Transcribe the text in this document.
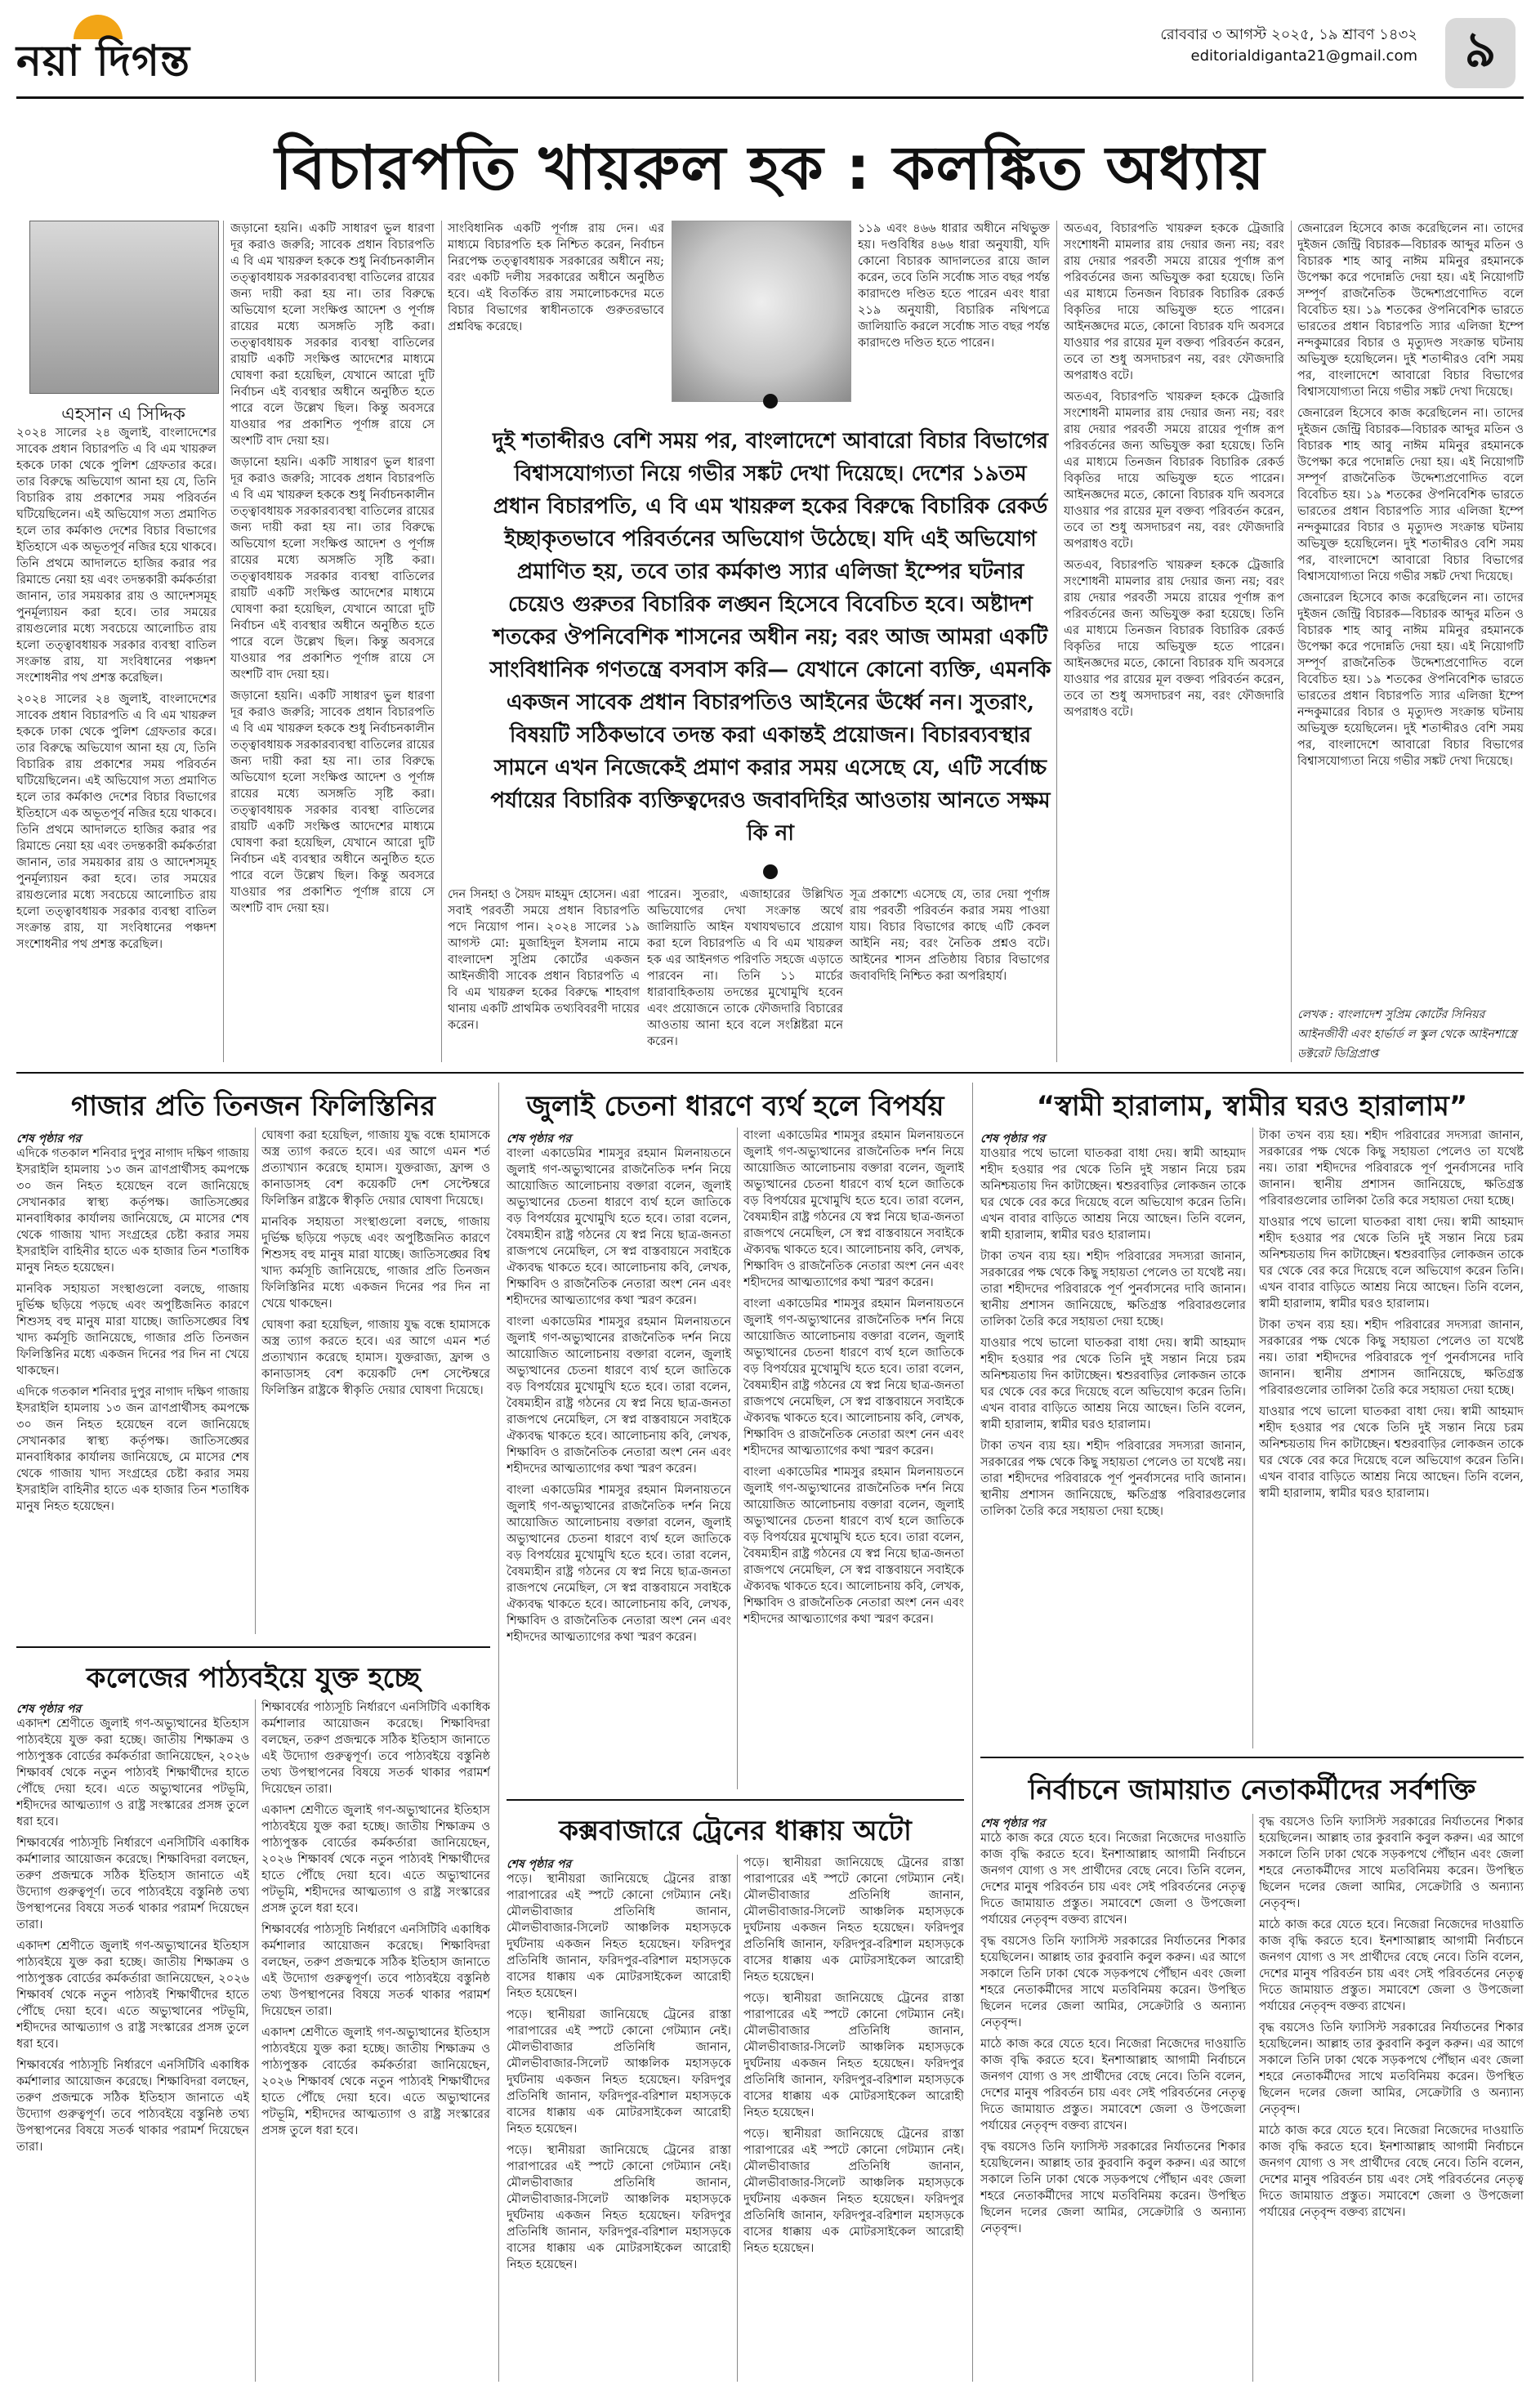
নয়া দিগন্ত
রোববার ৩ আগস্ট ২০২৫, ১৯ শ্রাবণ ১৪৩২
editorialdiganta21@gmail.com ৯
বিচারপতি খায়রুল হক : কলঙ্কিত অধ্যায়
এহসান এ সিদ্দিক

২০২৪ সালের ২৪ জুলাই, বাংলাদেশের সাবেক প্রধান বিচারপতি এ বি এম খায়রুল হককে ঢাকা থেকে পুলিশ গ্রেফতার করে। তার বিরুদ্ধে অভিযোগ আনা হয় যে, তিনি বিচারিক রায় প্রকাশের সময় পরিবর্তন ঘটিয়েছিলেন। এই অভিযোগ সত্য প্রমাণিত হলে তার কর্মকাণ্ড দেশের বিচার বিভাগের ইতিহাসে এক অভূতপূর্ব নজির হয়ে থাকবে। তিনি প্রথমে আদালতে হাজির করার পর রিমান্ডে নেয়া হয় এবং তদন্তকারী কর্মকর্তারা জানান, তার সময়কার রায় ও আদেশসমূহ পুনর্মূল্যায়ন করা হবে। তার সময়ের রায়গুলোর মধ্যে সবচেয়ে আলোচিত রায় হলো তত্ত্বাবধায়ক সরকার ব্যবস্থা বাতিল সংক্রান্ত রায়, যা সংবিধানের পঞ্চদশ সংশোধনীর পথ প্রশস্ত করেছিল।

২০২৪ সালের ২৪ জুলাই, বাংলাদেশের সাবেক প্রধান বিচারপতি এ বি এম খায়রুল হককে ঢাকা থেকে পুলিশ গ্রেফতার করে। তার বিরুদ্ধে অভিযোগ আনা হয় যে, তিনি বিচারিক রায় প্রকাশের সময় পরিবর্তন ঘটিয়েছিলেন। এই অভিযোগ সত্য প্রমাণিত হলে তার কর্মকাণ্ড দেশের বিচার বিভাগের ইতিহাসে এক অভূতপূর্ব নজির হয়ে থাকবে। তিনি প্রথমে আদালতে হাজির করার পর রিমান্ডে নেয়া হয় এবং তদন্তকারী কর্মকর্তারা জানান, তার সময়কার রায় ও আদেশসমূহ পুনর্মূল্যায়ন করা হবে। তার সময়ের রায়গুলোর মধ্যে সবচেয়ে আলোচিত রায় হলো তত্ত্বাবধায়ক সরকার ব্যবস্থা বাতিল সংক্রান্ত রায়, যা সংবিধানের পঞ্চদশ সংশোধনীর পথ প্রশস্ত করেছিল।

জড়ানো হয়নি। একটি সাধারণ ভুল ধারণা দূর করাও জরুরি; সাবেক প্রধান বিচারপতি এ বি এম খায়রুল হককে শুধু নির্বাচনকালীন তত্ত্বাবধায়ক সরকারব্যবস্থা বাতিলের রায়ের জন্য দায়ী করা হয় না। তার বিরুদ্ধে অভিযোগ হলো সংক্ষিপ্ত আদেশ ও পূর্ণাঙ্গ রায়ের মধ্যে অসঙ্গতি সৃষ্টি করা। তত্ত্বাবধায়ক সরকার ব্যবস্থা বাতিলের রায়টি একটি সংক্ষিপ্ত আদেশের মাধ্যমে ঘোষণা করা হয়েছিল, যেখানে আরো দুটি নির্বাচন এই ব্যবস্থার অধীনে অনুষ্ঠিত হতে পারে বলে উল্লেখ ছিল। কিন্তু অবসরে যাওয়ার পর প্রকাশিত পূর্ণাঙ্গ রায়ে সে অংশটি বাদ দেয়া হয়।

জড়ানো হয়নি। একটি সাধারণ ভুল ধারণা দূর করাও জরুরি; সাবেক প্রধান বিচারপতি এ বি এম খায়রুল হককে শুধু নির্বাচনকালীন তত্ত্বাবধায়ক সরকারব্যবস্থা বাতিলের রায়ের জন্য দায়ী করা হয় না। তার বিরুদ্ধে অভিযোগ হলো সংক্ষিপ্ত আদেশ ও পূর্ণাঙ্গ রায়ের মধ্যে অসঙ্গতি সৃষ্টি করা। তত্ত্বাবধায়ক সরকার ব্যবস্থা বাতিলের রায়টি একটি সংক্ষিপ্ত আদেশের মাধ্যমে ঘোষণা করা হয়েছিল, যেখানে আরো দুটি নির্বাচন এই ব্যবস্থার অধীনে অনুষ্ঠিত হতে পারে বলে উল্লেখ ছিল। কিন্তু অবসরে যাওয়ার পর প্রকাশিত পূর্ণাঙ্গ রায়ে সে অংশটি বাদ দেয়া হয়।

জড়ানো হয়নি। একটি সাধারণ ভুল ধারণা দূর করাও জরুরি; সাবেক প্রধান বিচারপতি এ বি এম খায়রুল হককে শুধু নির্বাচনকালীন তত্ত্বাবধায়ক সরকারব্যবস্থা বাতিলের রায়ের জন্য দায়ী করা হয় না। তার বিরুদ্ধে অভিযোগ হলো সংক্ষিপ্ত আদেশ ও পূর্ণাঙ্গ রায়ের মধ্যে অসঙ্গতি সৃষ্টি করা। তত্ত্বাবধায়ক সরকার ব্যবস্থা বাতিলের রায়টি একটি সংক্ষিপ্ত আদেশের মাধ্যমে ঘোষণা করা হয়েছিল, যেখানে আরো দুটি নির্বাচন এই ব্যবস্থার অধীনে অনুষ্ঠিত হতে পারে বলে উল্লেখ ছিল। কিন্তু অবসরে যাওয়ার পর প্রকাশিত পূর্ণাঙ্গ রায়ে সে অংশটি বাদ দেয়া হয়।

সাংবিধানিক একটি পূর্ণাঙ্গ রায় দেন। এর মাধ্যমে বিচারপতি হক নিশ্চিত করেন, নির্বাচন নিরপেক্ষ তত্ত্বাবধায়ক সরকারের অধীনে নয়; বরং একটি দলীয় সরকারের অধীনে অনুষ্ঠিত হবে। এই বিতর্কিত রায় সমালোচকদের মতে বিচার বিভাগের স্বাধীনতাকে গুরুতরভাবে প্রশ্নবিদ্ধ করেছে।

১১৯ এবং ৪৬৬ ধারার অধীনে নথিভুক্ত হয়। দণ্ডবিধির ৪৬৬ ধারা অনুযায়ী, যদি কোনো বিচারক আদালতের রায়ে জাল করেন, তবে তিনি সর্বোচ্চ সাত বছর পর্যন্ত কারাদণ্ডে দণ্ডিত হতে পারেন এবং ধারা ২১৯ অনুযায়ী, বিচারিক নথিপত্রে জালিয়াতি করলে সর্বোচ্চ সাত বছর পর্যন্ত কারাদণ্ডে দণ্ডিত হতে পারেন।

দুই শতাব্দীরও বেশি সময় পর, বাংলাদেশে আবারো বিচার বিভাগের বিশ্বাসযোগ্যতা নিয়ে গভীর সঙ্কট দেখা দিয়েছে। দেশের ১৯তম প্রধান বিচারপতি, এ বি এম খায়রুল হকের বিরুদ্ধে বিচারিক রেকর্ড ইচ্ছাকৃতভাবে পরিবর্তনের অভিযোগ উঠেছে। যদি এই অভিযোগ প্রমাণিত হয়, তবে তার কর্মকাণ্ড স্যার এলিজা ইম্পের ঘটনার চেয়েও গুরুতর বিচারিক লঙ্ঘন হিসেবে বিবেচিত হবে। অষ্টাদশ শতকের ঔপনিবেশিক শাসনের অধীন নয়; বরং আজ আমরা একটি সাংবিধানিক গণতন্ত্রে বসবাস করি— যেখানে কোনো ব্যক্তি, এমনকি একজন সাবেক প্রধান বিচারপতিও আইনের ঊর্ধ্বে নন। সুতরাং, বিষয়টি সঠিকভাবে তদন্ত করা একান্তই প্রয়োজন। বিচারব্যবস্থার সামনে এখন নিজেকেই প্রমাণ করার সময় এসেছে যে, এটি সর্বোচ্চ পর্যায়ের বিচারিক ব্যক্তিত্বদেরও জবাবদিহির আওতায় আনতে সক্ষম কি না

দেন সিনহা ও সৈয়দ মাহমুদ হোসেন। এরা সবাই পরবর্তী সময়ে প্রধান বিচারপতি পদে নিয়োগ পান। ২০২৪ সালের ১৯ আগস্ট মো: মুজাহিদুল ইসলাম নামে বাংলাদেশ সুপ্রিম কোর্টের একজন আইনজীবী সাবেক প্রধান বিচারপতি এ বি এম খায়রুল হকের বিরুদ্ধে শাহবাগ থানায় একটি প্রাথমিক তথ্যবিবরণী দায়ের করেন।

পারেন। সুতরাং, এজাহারের উল্লিখিত অভিযোগের দেখা সংক্রান্ত অর্থে জালিয়াতি আইন যথাযথভাবে প্রয়োগ করা হলে বিচারপতি এ বি এম খায়রুল হক এর আইনগত পরিণতি সহজে এড়াতে পারবেন না। তিনি ১১ মার্চের ধারাবাহিকতায় তদন্তের মুখোমুখি হবেন এবং প্রয়োজনে তাকে ফৌজদারি বিচারের আওতায় আনা হবে বলে সংশ্লিষ্টরা মনে করেন।

সূত্র প্রকাশ্যে এসেছে যে, তার দেয়া পূর্ণাঙ্গ রায় পরবর্তী পরিবর্তন করার সময় পাওয়া যায়। বিচার বিভাগের কাছে এটি কেবল আইনি নয়; বরং নৈতিক প্রশ্নও বটে। আইনের শাসন প্রতিষ্ঠায় বিচার বিভাগের জবাবদিহি নিশ্চিত করা অপরিহার্য।

অতএব, বিচারপতি খায়রুল হককে ট্রেজারি সংশোধনী মামলার রায় দেয়ার জন্য নয়; বরং রায় দেয়ার পরবর্তী সময়ে রায়ের পূর্ণাঙ্গ রূপ পরিবর্তনের জন্য অভিযুক্ত করা হয়েছে। তিনি এর মাধ্যমে তিনজন বিচারক বিচারিক রেকর্ড বিকৃতির দায়ে অভিযুক্ত হতে পারেন। আইনজ্ঞদের মতে, কোনো বিচারক যদি অবসরে যাওয়ার পর রায়ের মূল বক্তব্য পরিবর্তন করেন, তবে তা শুধু অসদাচরণ নয়, বরং ফৌজদারি অপরাধও বটে।

অতএব, বিচারপতি খায়রুল হককে ট্রেজারি সংশোধনী মামলার রায় দেয়ার জন্য নয়; বরং রায় দেয়ার পরবর্তী সময়ে রায়ের পূর্ণাঙ্গ রূপ পরিবর্তনের জন্য অভিযুক্ত করা হয়েছে। তিনি এর মাধ্যমে তিনজন বিচারক বিচারিক রেকর্ড বিকৃতির দায়ে অভিযুক্ত হতে পারেন। আইনজ্ঞদের মতে, কোনো বিচারক যদি অবসরে যাওয়ার পর রায়ের মূল বক্তব্য পরিবর্তন করেন, তবে তা শুধু অসদাচরণ নয়, বরং ফৌজদারি অপরাধও বটে।

অতএব, বিচারপতি খায়রুল হককে ট্রেজারি সংশোধনী মামলার রায় দেয়ার জন্য নয়; বরং রায় দেয়ার পরবর্তী সময়ে রায়ের পূর্ণাঙ্গ রূপ পরিবর্তনের জন্য অভিযুক্ত করা হয়েছে। তিনি এর মাধ্যমে তিনজন বিচারক বিচারিক রেকর্ড বিকৃতির দায়ে অভিযুক্ত হতে পারেন। আইনজ্ঞদের মতে, কোনো বিচারক যদি অবসরে যাওয়ার পর রায়ের মূল বক্তব্য পরিবর্তন করেন, তবে তা শুধু অসদাচরণ নয়, বরং ফৌজদারি অপরাধও বটে।

জেনারেল হিসেবে কাজ করেছিলেন না। তাদের দুইজন জেন্ট্রি বিচারক—বিচারক আব্দুর মতিন ও বিচারক শাহ আবু নাঈম মমিনুর রহমানকে উপেক্ষা করে পদোন্নতি দেয়া হয়। এই নিয়োগটি সম্পূর্ণ রাজনৈতিক উদ্দেশ্যপ্রণোদিত বলে বিবেচিত হয়। ১৯ শতকের ঔপনিবেশিক ভারতে ভারতের প্রধান বিচারপতি স্যার এলিজা ইম্পে নন্দকুমারের বিচার ও মৃত্যুদণ্ড সংক্রান্ত ঘটনায় অভিযুক্ত হয়েছিলেন। দুই শতাব্দীরও বেশি সময় পর, বাংলাদেশে আবারো বিচার বিভাগের বিশ্বাসযোগ্যতা নিয়ে গভীর সঙ্কট দেখা দিয়েছে।

জেনারেল হিসেবে কাজ করেছিলেন না। তাদের দুইজন জেন্ট্রি বিচারক—বিচারক আব্দুর মতিন ও বিচারক শাহ আবু নাঈম মমিনুর রহমানকে উপেক্ষা করে পদোন্নতি দেয়া হয়। এই নিয়োগটি সম্পূর্ণ রাজনৈতিক উদ্দেশ্যপ্রণোদিত বলে বিবেচিত হয়। ১৯ শতকের ঔপনিবেশিক ভারতে ভারতের প্রধান বিচারপতি স্যার এলিজা ইম্পে নন্দকুমারের বিচার ও মৃত্যুদণ্ড সংক্রান্ত ঘটনায় অভিযুক্ত হয়েছিলেন। দুই শতাব্দীরও বেশি সময় পর, বাংলাদেশে আবারো বিচার বিভাগের বিশ্বাসযোগ্যতা নিয়ে গভীর সঙ্কট দেখা দিয়েছে।

জেনারেল হিসেবে কাজ করেছিলেন না। তাদের দুইজন জেন্ট্রি বিচারক—বিচারক আব্দুর মতিন ও বিচারক শাহ আবু নাঈম মমিনুর রহমানকে উপেক্ষা করে পদোন্নতি দেয়া হয়। এই নিয়োগটি সম্পূর্ণ রাজনৈতিক উদ্দেশ্যপ্রণোদিত বলে বিবেচিত হয়। ১৯ শতকের ঔপনিবেশিক ভারতে ভারতের প্রধান বিচারপতি স্যার এলিজা ইম্পে নন্দকুমারের বিচার ও মৃত্যুদণ্ড সংক্রান্ত ঘটনায় অভিযুক্ত হয়েছিলেন। দুই শতাব্দীরও বেশি সময় পর, বাংলাদেশে আবারো বিচার বিভাগের বিশ্বাসযোগ্যতা নিয়ে গভীর সঙ্কট দেখা দিয়েছে।

লেখক : বাংলাদেশ সুপ্রিম কোর্টের সিনিয়র আইনজীবী এবং হার্ভার্ড ল স্কুল থেকে আইনশাস্ত্রে ডক্টরেট ডিগ্রিপ্রাপ্ত
গাজার প্রতি তিনজন ফিলিস্তিনির
শেষ পৃষ্ঠার পর

এদিকে গতকাল শনিবার দুপুর নাগাদ দক্ষিণ গাজায় ইসরাইলি হামলায় ১৩ জন ত্রাণপ্রার্থীসহ কমপক্ষে ৩০ জন নিহত হয়েছেন বলে জানিয়েছে সেখানকার স্বাস্থ্য কর্তৃপক্ষ। জাতিসঙ্ঘের মানবাধিকার কার্যালয় জানিয়েছে, মে মাসের শেষ থেকে গাজায় খাদ্য সংগ্রহের চেষ্টা করার সময় ইসরাইলি বাহিনীর হাতে এক হাজার তিন শতাধিক মানুষ নিহত হয়েছেন।

মানবিক সহায়তা সংস্থাগুলো বলছে, গাজায় দুর্ভিক্ষ ছড়িয়ে পড়ছে এবং অপুষ্টিজনিত কারণে শিশুসহ বহু মানুষ মারা যাচ্ছে। জাতিসঙ্ঘের বিশ্ব খাদ্য কর্মসূচি জানিয়েছে, গাজার প্রতি তিনজন ফিলিস্তিনির মধ্যে একজন দিনের পর দিন না খেয়ে থাকছেন।

এদিকে গতকাল শনিবার দুপুর নাগাদ দক্ষিণ গাজায় ইসরাইলি হামলায় ১৩ জন ত্রাণপ্রার্থীসহ কমপক্ষে ৩০ জন নিহত হয়েছেন বলে জানিয়েছে সেখানকার স্বাস্থ্য কর্তৃপক্ষ। জাতিসঙ্ঘের মানবাধিকার কার্যালয় জানিয়েছে, মে মাসের শেষ থেকে গাজায় খাদ্য সংগ্রহের চেষ্টা করার সময় ইসরাইলি বাহিনীর হাতে এক হাজার তিন শতাধিক মানুষ নিহত হয়েছেন।

ঘোষণা করা হয়েছিল, গাজায় যুদ্ধ বন্ধে হামাসকে অস্ত্র ত্যাগ করতে হবে। এর আগে এমন শর্ত প্রত্যাখ্যান করেছে হামাস। যুক্তরাজ্য, ফ্রান্স ও কানাডাসহ বেশ কয়েকটি দেশ সেপ্টেম্বরে ফিলিস্তিন রাষ্ট্রকে স্বীকৃতি দেয়ার ঘোষণা দিয়েছে।

মানবিক সহায়তা সংস্থাগুলো বলছে, গাজায় দুর্ভিক্ষ ছড়িয়ে পড়ছে এবং অপুষ্টিজনিত কারণে শিশুসহ বহু মানুষ মারা যাচ্ছে। জাতিসঙ্ঘের বিশ্ব খাদ্য কর্মসূচি জানিয়েছে, গাজার প্রতি তিনজন ফিলিস্তিনির মধ্যে একজন দিনের পর দিন না খেয়ে থাকছেন।

ঘোষণা করা হয়েছিল, গাজায় যুদ্ধ বন্ধে হামাসকে অস্ত্র ত্যাগ করতে হবে। এর আগে এমন শর্ত প্রত্যাখ্যান করেছে হামাস। যুক্তরাজ্য, ফ্রান্স ও কানাডাসহ বেশ কয়েকটি দেশ সেপ্টেম্বরে ফিলিস্তিন রাষ্ট্রকে স্বীকৃতি দেয়ার ঘোষণা দিয়েছে।

কলেজের পাঠ্যবইয়ে যুক্ত হচ্ছে
শেষ পৃষ্ঠার পর

একাদশ শ্রেণীতে জুলাই গণ-অভ্যুত্থানের ইতিহাস পাঠ্যবইয়ে যুক্ত করা হচ্ছে। জাতীয় শিক্ষাক্রম ও পাঠ্যপুস্তক বোর্ডের কর্মকর্তারা জানিয়েছেন, ২০২৬ শিক্ষাবর্ষ থেকে নতুন পাঠ্যবই শিক্ষার্থীদের হাতে পৌঁছে দেয়া হবে। এতে অভ্যুত্থানের পটভূমি, শহীদদের আত্মত্যাগ ও রাষ্ট্র সংস্কারের প্রসঙ্গ তুলে ধরা হবে।

শিক্ষাবর্ষের পাঠ্যসূচি নির্ধারণে এনসিটিবি একাধিক কর্মশালার আয়োজন করেছে। শিক্ষাবিদরা বলছেন, তরুণ প্রজন্মকে সঠিক ইতিহাস জানাতে এই উদ্যোগ গুরুত্বপূর্ণ। তবে পাঠ্যবইয়ে বস্তুনিষ্ঠ তথ্য উপস্থাপনের বিষয়ে সতর্ক থাকার পরামর্শ দিয়েছেন তারা।

একাদশ শ্রেণীতে জুলাই গণ-অভ্যুত্থানের ইতিহাস পাঠ্যবইয়ে যুক্ত করা হচ্ছে। জাতীয় শিক্ষাক্রম ও পাঠ্যপুস্তক বোর্ডের কর্মকর্তারা জানিয়েছেন, ২০২৬ শিক্ষাবর্ষ থেকে নতুন পাঠ্যবই শিক্ষার্থীদের হাতে পৌঁছে দেয়া হবে। এতে অভ্যুত্থানের পটভূমি, শহীদদের আত্মত্যাগ ও রাষ্ট্র সংস্কারের প্রসঙ্গ তুলে ধরা হবে।

শিক্ষাবর্ষের পাঠ্যসূচি নির্ধারণে এনসিটিবি একাধিক কর্মশালার আয়োজন করেছে। শিক্ষাবিদরা বলছেন, তরুণ প্রজন্মকে সঠিক ইতিহাস জানাতে এই উদ্যোগ গুরুত্বপূর্ণ। তবে পাঠ্যবইয়ে বস্তুনিষ্ঠ তথ্য উপস্থাপনের বিষয়ে সতর্ক থাকার পরামর্শ দিয়েছেন তারা।

শিক্ষাবর্ষের পাঠ্যসূচি নির্ধারণে এনসিটিবি একাধিক কর্মশালার আয়োজন করেছে। শিক্ষাবিদরা বলছেন, তরুণ প্রজন্মকে সঠিক ইতিহাস জানাতে এই উদ্যোগ গুরুত্বপূর্ণ। তবে পাঠ্যবইয়ে বস্তুনিষ্ঠ তথ্য উপস্থাপনের বিষয়ে সতর্ক থাকার পরামর্শ দিয়েছেন তারা।

একাদশ শ্রেণীতে জুলাই গণ-অভ্যুত্থানের ইতিহাস পাঠ্যবইয়ে যুক্ত করা হচ্ছে। জাতীয় শিক্ষাক্রম ও পাঠ্যপুস্তক বোর্ডের কর্মকর্তারা জানিয়েছেন, ২০২৬ শিক্ষাবর্ষ থেকে নতুন পাঠ্যবই শিক্ষার্থীদের হাতে পৌঁছে দেয়া হবে। এতে অভ্যুত্থানের পটভূমি, শহীদদের আত্মত্যাগ ও রাষ্ট্র সংস্কারের প্রসঙ্গ তুলে ধরা হবে।

শিক্ষাবর্ষের পাঠ্যসূচি নির্ধারণে এনসিটিবি একাধিক কর্মশালার আয়োজন করেছে। শিক্ষাবিদরা বলছেন, তরুণ প্রজন্মকে সঠিক ইতিহাস জানাতে এই উদ্যোগ গুরুত্বপূর্ণ। তবে পাঠ্যবইয়ে বস্তুনিষ্ঠ তথ্য উপস্থাপনের বিষয়ে সতর্ক থাকার পরামর্শ দিয়েছেন তারা।

একাদশ শ্রেণীতে জুলাই গণ-অভ্যুত্থানের ইতিহাস পাঠ্যবইয়ে যুক্ত করা হচ্ছে। জাতীয় শিক্ষাক্রম ও পাঠ্যপুস্তক বোর্ডের কর্মকর্তারা জানিয়েছেন, ২০২৬ শিক্ষাবর্ষ থেকে নতুন পাঠ্যবই শিক্ষার্থীদের হাতে পৌঁছে দেয়া হবে। এতে অভ্যুত্থানের পটভূমি, শহীদদের আত্মত্যাগ ও রাষ্ট্র সংস্কারের প্রসঙ্গ তুলে ধরা হবে।

জুলাই চেতনা ধারণে ব্যর্থ হলে বিপর্যয়
শেষ পৃষ্ঠার পর

বাংলা একাডেমির শামসুর রহমান মিলনায়তনে জুলাই গণ-অভ্যুত্থানের রাজনৈতিক দর্শন নিয়ে আয়োজিত আলোচনায় বক্তারা বলেন, জুলাই অভ্যুত্থানের চেতনা ধারণে ব্যর্থ হলে জাতিকে বড় বিপর্যয়ের মুখোমুখি হতে হবে। তারা বলেন, বৈষম্যহীন রাষ্ট্র গঠনের যে স্বপ্ন নিয়ে ছাত্র-জনতা রাজপথে নেমেছিল, সে স্বপ্ন বাস্তবায়নে সবাইকে ঐক্যবদ্ধ থাকতে হবে। আলোচনায় কবি, লেখক, শিক্ষাবিদ ও রাজনৈতিক নেতারা অংশ নেন এবং শহীদদের আত্মত্যাগের কথা স্মরণ করেন।

বাংলা একাডেমির শামসুর রহমান মিলনায়তনে জুলাই গণ-অভ্যুত্থানের রাজনৈতিক দর্শন নিয়ে আয়োজিত আলোচনায় বক্তারা বলেন, জুলাই অভ্যুত্থানের চেতনা ধারণে ব্যর্থ হলে জাতিকে বড় বিপর্যয়ের মুখোমুখি হতে হবে। তারা বলেন, বৈষম্যহীন রাষ্ট্র গঠনের যে স্বপ্ন নিয়ে ছাত্র-জনতা রাজপথে নেমেছিল, সে স্বপ্ন বাস্তবায়নে সবাইকে ঐক্যবদ্ধ থাকতে হবে। আলোচনায় কবি, লেখক, শিক্ষাবিদ ও রাজনৈতিক নেতারা অংশ নেন এবং শহীদদের আত্মত্যাগের কথা স্মরণ করেন।

বাংলা একাডেমির শামসুর রহমান মিলনায়তনে জুলাই গণ-অভ্যুত্থানের রাজনৈতিক দর্শন নিয়ে আয়োজিত আলোচনায় বক্তারা বলেন, জুলাই অভ্যুত্থানের চেতনা ধারণে ব্যর্থ হলে জাতিকে বড় বিপর্যয়ের মুখোমুখি হতে হবে। তারা বলেন, বৈষম্যহীন রাষ্ট্র গঠনের যে স্বপ্ন নিয়ে ছাত্র-জনতা রাজপথে নেমেছিল, সে স্বপ্ন বাস্তবায়নে সবাইকে ঐক্যবদ্ধ থাকতে হবে। আলোচনায় কবি, লেখক, শিক্ষাবিদ ও রাজনৈতিক নেতারা অংশ নেন এবং শহীদদের আত্মত্যাগের কথা স্মরণ করেন।

বাংলা একাডেমির শামসুর রহমান মিলনায়তনে জুলাই গণ-অভ্যুত্থানের রাজনৈতিক দর্শন নিয়ে আয়োজিত আলোচনায় বক্তারা বলেন, জুলাই অভ্যুত্থানের চেতনা ধারণে ব্যর্থ হলে জাতিকে বড় বিপর্যয়ের মুখোমুখি হতে হবে। তারা বলেন, বৈষম্যহীন রাষ্ট্র গঠনের যে স্বপ্ন নিয়ে ছাত্র-জনতা রাজপথে নেমেছিল, সে স্বপ্ন বাস্তবায়নে সবাইকে ঐক্যবদ্ধ থাকতে হবে। আলোচনায় কবি, লেখক, শিক্ষাবিদ ও রাজনৈতিক নেতারা অংশ নেন এবং শহীদদের আত্মত্যাগের কথা স্মরণ করেন।

বাংলা একাডেমির শামসুর রহমান মিলনায়তনে জুলাই গণ-অভ্যুত্থানের রাজনৈতিক দর্শন নিয়ে আয়োজিত আলোচনায় বক্তারা বলেন, জুলাই অভ্যুত্থানের চেতনা ধারণে ব্যর্থ হলে জাতিকে বড় বিপর্যয়ের মুখোমুখি হতে হবে। তারা বলেন, বৈষম্যহীন রাষ্ট্র গঠনের যে স্বপ্ন নিয়ে ছাত্র-জনতা রাজপথে নেমেছিল, সে স্বপ্ন বাস্তবায়নে সবাইকে ঐক্যবদ্ধ থাকতে হবে। আলোচনায় কবি, লেখক, শিক্ষাবিদ ও রাজনৈতিক নেতারা অংশ নেন এবং শহীদদের আত্মত্যাগের কথা স্মরণ করেন।

বাংলা একাডেমির শামসুর রহমান মিলনায়তনে জুলাই গণ-অভ্যুত্থানের রাজনৈতিক দর্শন নিয়ে আয়োজিত আলোচনায় বক্তারা বলেন, জুলাই অভ্যুত্থানের চেতনা ধারণে ব্যর্থ হলে জাতিকে বড় বিপর্যয়ের মুখোমুখি হতে হবে। তারা বলেন, বৈষম্যহীন রাষ্ট্র গঠনের যে স্বপ্ন নিয়ে ছাত্র-জনতা রাজপথে নেমেছিল, সে স্বপ্ন বাস্তবায়নে সবাইকে ঐক্যবদ্ধ থাকতে হবে। আলোচনায় কবি, লেখক, শিক্ষাবিদ ও রাজনৈতিক নেতারা অংশ নেন এবং শহীদদের আত্মত্যাগের কথা স্মরণ করেন।

কক্সবাজারে ট্রেনের ধাক্কায় অটো
শেষ পৃষ্ঠার পর

পড়ে। স্থানীয়রা জানিয়েছে ট্রেনের রাস্তা পারাপারের এই স্পটে কোনো গেটম্যান নেই। মৌলভীবাজার প্রতিনিধি জানান, মৌলভীবাজার-সিলেট আঞ্চলিক মহাসড়কে দুর্ঘটনায় একজন নিহত হয়েছেন। ফরিদপুর প্রতিনিধি জানান, ফরিদপুর-বরিশাল মহাসড়কে বাসের ধাক্কায় এক মোটরসাইকেল আরোহী নিহত হয়েছেন।

পড়ে। স্থানীয়রা জানিয়েছে ট্রেনের রাস্তা পারাপারের এই স্পটে কোনো গেটম্যান নেই। মৌলভীবাজার প্রতিনিধি জানান, মৌলভীবাজার-সিলেট আঞ্চলিক মহাসড়কে দুর্ঘটনায় একজন নিহত হয়েছেন। ফরিদপুর প্রতিনিধি জানান, ফরিদপুর-বরিশাল মহাসড়কে বাসের ধাক্কায় এক মোটরসাইকেল আরোহী নিহত হয়েছেন।

পড়ে। স্থানীয়রা জানিয়েছে ট্রেনের রাস্তা পারাপারের এই স্পটে কোনো গেটম্যান নেই। মৌলভীবাজার প্রতিনিধি জানান, মৌলভীবাজার-সিলেট আঞ্চলিক মহাসড়কে দুর্ঘটনায় একজন নিহত হয়েছেন। ফরিদপুর প্রতিনিধি জানান, ফরিদপুর-বরিশাল মহাসড়কে বাসের ধাক্কায় এক মোটরসাইকেল আরোহী নিহত হয়েছেন।

পড়ে। স্থানীয়রা জানিয়েছে ট্রেনের রাস্তা পারাপারের এই স্পটে কোনো গেটম্যান নেই। মৌলভীবাজার প্রতিনিধি জানান, মৌলভীবাজার-সিলেট আঞ্চলিক মহাসড়কে দুর্ঘটনায় একজন নিহত হয়েছেন। ফরিদপুর প্রতিনিধি জানান, ফরিদপুর-বরিশাল মহাসড়কে বাসের ধাক্কায় এক মোটরসাইকেল আরোহী নিহত হয়েছেন।

পড়ে। স্থানীয়রা জানিয়েছে ট্রেনের রাস্তা পারাপারের এই স্পটে কোনো গেটম্যান নেই। মৌলভীবাজার প্রতিনিধি জানান, মৌলভীবাজার-সিলেট আঞ্চলিক মহাসড়কে দুর্ঘটনায় একজন নিহত হয়েছেন। ফরিদপুর প্রতিনিধি জানান, ফরিদপুর-বরিশাল মহাসড়কে বাসের ধাক্কায় এক মোটরসাইকেল আরোহী নিহত হয়েছেন।

পড়ে। স্থানীয়রা জানিয়েছে ট্রেনের রাস্তা পারাপারের এই স্পটে কোনো গেটম্যান নেই। মৌলভীবাজার প্রতিনিধি জানান, মৌলভীবাজার-সিলেট আঞ্চলিক মহাসড়কে দুর্ঘটনায় একজন নিহত হয়েছেন। ফরিদপুর প্রতিনিধি জানান, ফরিদপুর-বরিশাল মহাসড়কে বাসের ধাক্কায় এক মোটরসাইকেল আরোহী নিহত হয়েছেন।

“স্বামী হারালাম, স্বামীর ঘরও হারালাম”
শেষ পৃষ্ঠার পর

যাওয়ার পথে ভালো ঘাতকরা বাধা দেয়। স্বামী আহমাদ শহীদ হওয়ার পর থেকে তিনি দুই সন্তান নিয়ে চরম অনিশ্চয়তায় দিন কাটাচ্ছেন। শ্বশুরবাড়ির লোকজন তাকে ঘর থেকে বের করে দিয়েছে বলে অভিযোগ করেন তিনি। এখন বাবার বাড়িতে আশ্রয় নিয়ে আছেন। তিনি বলেন, স্বামী হারালাম, স্বামীর ঘরও হারালাম।

টাকা তখন ব্যয় হয়। শহীদ পরিবারের সদস্যরা জানান, সরকারের পক্ষ থেকে কিছু সহায়তা পেলেও তা যথেষ্ট নয়। তারা শহীদদের পরিবারকে পূর্ণ পুনর্বাসনের দাবি জানান। স্থানীয় প্রশাসন জানিয়েছে, ক্ষতিগ্রস্ত পরিবারগুলোর তালিকা তৈরি করে সহায়তা দেয়া হচ্ছে।

যাওয়ার পথে ভালো ঘাতকরা বাধা দেয়। স্বামী আহমাদ শহীদ হওয়ার পর থেকে তিনি দুই সন্তান নিয়ে চরম অনিশ্চয়তায় দিন কাটাচ্ছেন। শ্বশুরবাড়ির লোকজন তাকে ঘর থেকে বের করে দিয়েছে বলে অভিযোগ করেন তিনি। এখন বাবার বাড়িতে আশ্রয় নিয়ে আছেন। তিনি বলেন, স্বামী হারালাম, স্বামীর ঘরও হারালাম।

টাকা তখন ব্যয় হয়। শহীদ পরিবারের সদস্যরা জানান, সরকারের পক্ষ থেকে কিছু সহায়তা পেলেও তা যথেষ্ট নয়। তারা শহীদদের পরিবারকে পূর্ণ পুনর্বাসনের দাবি জানান। স্থানীয় প্রশাসন জানিয়েছে, ক্ষতিগ্রস্ত পরিবারগুলোর তালিকা তৈরি করে সহায়তা দেয়া হচ্ছে।

টাকা তখন ব্যয় হয়। শহীদ পরিবারের সদস্যরা জানান, সরকারের পক্ষ থেকে কিছু সহায়তা পেলেও তা যথেষ্ট নয়। তারা শহীদদের পরিবারকে পূর্ণ পুনর্বাসনের দাবি জানান। স্থানীয় প্রশাসন জানিয়েছে, ক্ষতিগ্রস্ত পরিবারগুলোর তালিকা তৈরি করে সহায়তা দেয়া হচ্ছে।

যাওয়ার পথে ভালো ঘাতকরা বাধা দেয়। স্বামী আহমাদ শহীদ হওয়ার পর থেকে তিনি দুই সন্তান নিয়ে চরম অনিশ্চয়তায় দিন কাটাচ্ছেন। শ্বশুরবাড়ির লোকজন তাকে ঘর থেকে বের করে দিয়েছে বলে অভিযোগ করেন তিনি। এখন বাবার বাড়িতে আশ্রয় নিয়ে আছেন। তিনি বলেন, স্বামী হারালাম, স্বামীর ঘরও হারালাম।

টাকা তখন ব্যয় হয়। শহীদ পরিবারের সদস্যরা জানান, সরকারের পক্ষ থেকে কিছু সহায়তা পেলেও তা যথেষ্ট নয়। তারা শহীদদের পরিবারকে পূর্ণ পুনর্বাসনের দাবি জানান। স্থানীয় প্রশাসন জানিয়েছে, ক্ষতিগ্রস্ত পরিবারগুলোর তালিকা তৈরি করে সহায়তা দেয়া হচ্ছে।

যাওয়ার পথে ভালো ঘাতকরা বাধা দেয়। স্বামী আহমাদ শহীদ হওয়ার পর থেকে তিনি দুই সন্তান নিয়ে চরম অনিশ্চয়তায় দিন কাটাচ্ছেন। শ্বশুরবাড়ির লোকজন তাকে ঘর থেকে বের করে দিয়েছে বলে অভিযোগ করেন তিনি। এখন বাবার বাড়িতে আশ্রয় নিয়ে আছেন। তিনি বলেন, স্বামী হারালাম, স্বামীর ঘরও হারালাম।

নির্বাচনে জামায়াত নেতাকর্মীদের সর্বশক্তি
শেষ পৃষ্ঠার পর

মাঠে কাজ করে যেতে হবে। নিজেরা নিজেদের দাওয়াতি কাজ বৃদ্ধি করতে হবে। ইনশাআল্লাহ আগামী নির্বাচনে জনগণ যোগ্য ও সৎ প্রার্থীদের বেছে নেবে। তিনি বলেন, দেশের মানুষ পরিবর্তন চায় এবং সেই পরিবর্তনের নেতৃত্ব দিতে জামায়াত প্রস্তুত। সমাবেশে জেলা ও উপজেলা পর্যায়ের নেতৃবৃন্দ বক্তব্য রাখেন।

বৃদ্ধ বয়সেও তিনি ফ্যাসিস্ট সরকারের নির্যাতনের শিকার হয়েছিলেন। আল্লাহ তার কুরবানি কবুল করুন। এর আগে সকালে তিনি ঢাকা থেকে সড়কপথে পৌঁছান এবং জেলা শহরে নেতাকর্মীদের সাথে মতবিনিময় করেন। উপস্থিত ছিলেন দলের জেলা আমির, সেক্রেটারি ও অন্যান্য নেতৃবৃন্দ।

মাঠে কাজ করে যেতে হবে। নিজেরা নিজেদের দাওয়াতি কাজ বৃদ্ধি করতে হবে। ইনশাআল্লাহ আগামী নির্বাচনে জনগণ যোগ্য ও সৎ প্রার্থীদের বেছে নেবে। তিনি বলেন, দেশের মানুষ পরিবর্তন চায় এবং সেই পরিবর্তনের নেতৃত্ব দিতে জামায়াত প্রস্তুত। সমাবেশে জেলা ও উপজেলা পর্যায়ের নেতৃবৃন্দ বক্তব্য রাখেন।

বৃদ্ধ বয়সেও তিনি ফ্যাসিস্ট সরকারের নির্যাতনের শিকার হয়েছিলেন। আল্লাহ তার কুরবানি কবুল করুন। এর আগে সকালে তিনি ঢাকা থেকে সড়কপথে পৌঁছান এবং জেলা শহরে নেতাকর্মীদের সাথে মতবিনিময় করেন। উপস্থিত ছিলেন দলের জেলা আমির, সেক্রেটারি ও অন্যান্য নেতৃবৃন্দ।

বৃদ্ধ বয়সেও তিনি ফ্যাসিস্ট সরকারের নির্যাতনের শিকার হয়েছিলেন। আল্লাহ তার কুরবানি কবুল করুন। এর আগে সকালে তিনি ঢাকা থেকে সড়কপথে পৌঁছান এবং জেলা শহরে নেতাকর্মীদের সাথে মতবিনিময় করেন। উপস্থিত ছিলেন দলের জেলা আমির, সেক্রেটারি ও অন্যান্য নেতৃবৃন্দ।

মাঠে কাজ করে যেতে হবে। নিজেরা নিজেদের দাওয়াতি কাজ বৃদ্ধি করতে হবে। ইনশাআল্লাহ আগামী নির্বাচনে জনগণ যোগ্য ও সৎ প্রার্থীদের বেছে নেবে। তিনি বলেন, দেশের মানুষ পরিবর্তন চায় এবং সেই পরিবর্তনের নেতৃত্ব দিতে জামায়াত প্রস্তুত। সমাবেশে জেলা ও উপজেলা পর্যায়ের নেতৃবৃন্দ বক্তব্য রাখেন।

বৃদ্ধ বয়সেও তিনি ফ্যাসিস্ট সরকারের নির্যাতনের শিকার হয়েছিলেন। আল্লাহ তার কুরবানি কবুল করুন। এর আগে সকালে তিনি ঢাকা থেকে সড়কপথে পৌঁছান এবং জেলা শহরে নেতাকর্মীদের সাথে মতবিনিময় করেন। উপস্থিত ছিলেন দলের জেলা আমির, সেক্রেটারি ও অন্যান্য নেতৃবৃন্দ।

মাঠে কাজ করে যেতে হবে। নিজেরা নিজেদের দাওয়াতি কাজ বৃদ্ধি করতে হবে। ইনশাআল্লাহ আগামী নির্বাচনে জনগণ যোগ্য ও সৎ প্রার্থীদের বেছে নেবে। তিনি বলেন, দেশের মানুষ পরিবর্তন চায় এবং সেই পরিবর্তনের নেতৃত্ব দিতে জামায়াত প্রস্তুত। সমাবেশে জেলা ও উপজেলা পর্যায়ের নেতৃবৃন্দ বক্তব্য রাখেন।
